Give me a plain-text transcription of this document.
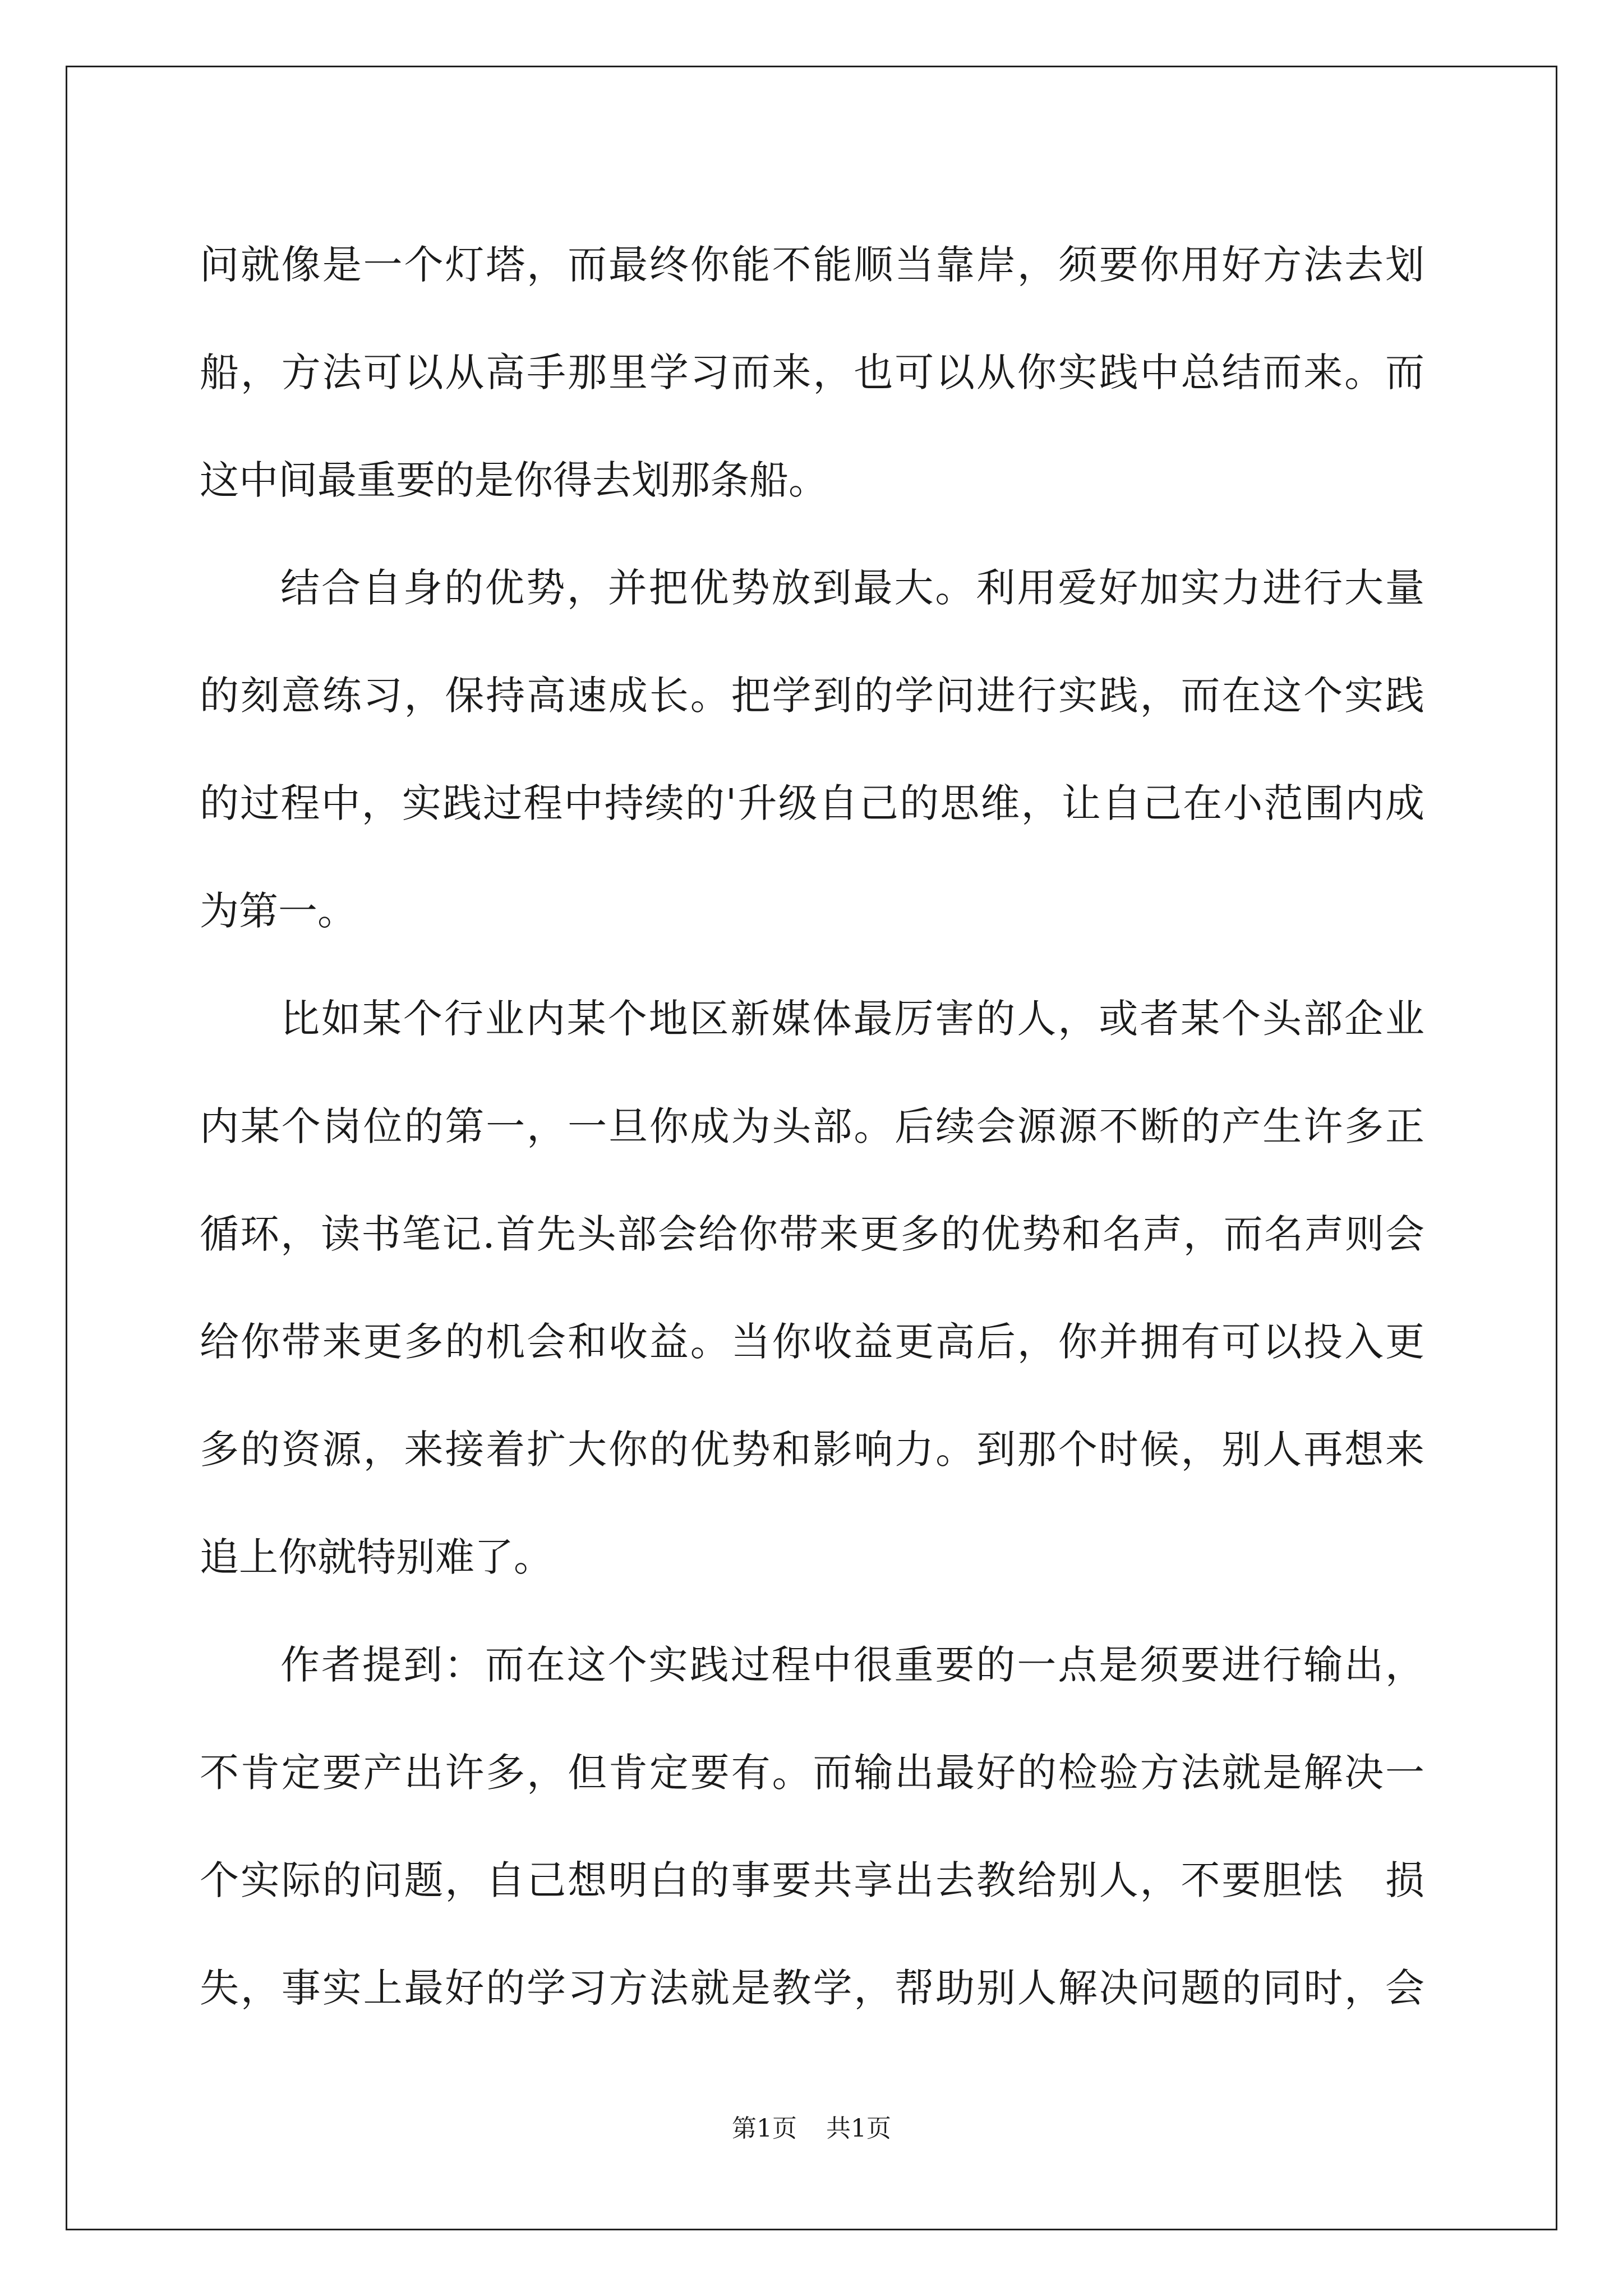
问就像是一个灯塔，而最终你能不能顺当靠岸，须要你用好方法去划
船，方法可以从高手那里学习而来，也可以从你实践中总结而来。而
这中间最重要的是你得去划那条船。
结合自身的优势，并把优势放到最大。利用爱好加实力进行大量
的刻意练习，保持高速成长。把学到的学问进行实践，而在这个实践
的过程中，实践过程中持续的'升级自己的思维，让自己在小范围内成
为第一。
比如某个行业内某个地区新媒体最厉害的人，或者某个头部企业
内某个岗位的第一，一旦你成为头部。后续会源源不断的产生许多正
循环，读书笔记.首先头部会给你带来更多的优势和名声，而名声则会
给你带来更多的机会和收益。当你收益更高后，你并拥有可以投入更
多的资源，来接着扩大你的优势和影响力。到那个时候，别人再想来
追上你就特别难了。
作者提到：而在这个实践过程中很重要的一点是须要进行输出，
不肯定要产出许多，但肯定要有。而输出最好的检验方法就是解决一
个实际的问题，自己想明白的事要共享出去教给别人，不要胆怯　损
失，事实上最好的学习方法就是教学，帮助别人解决问题的同时，会
第1页 共1页
